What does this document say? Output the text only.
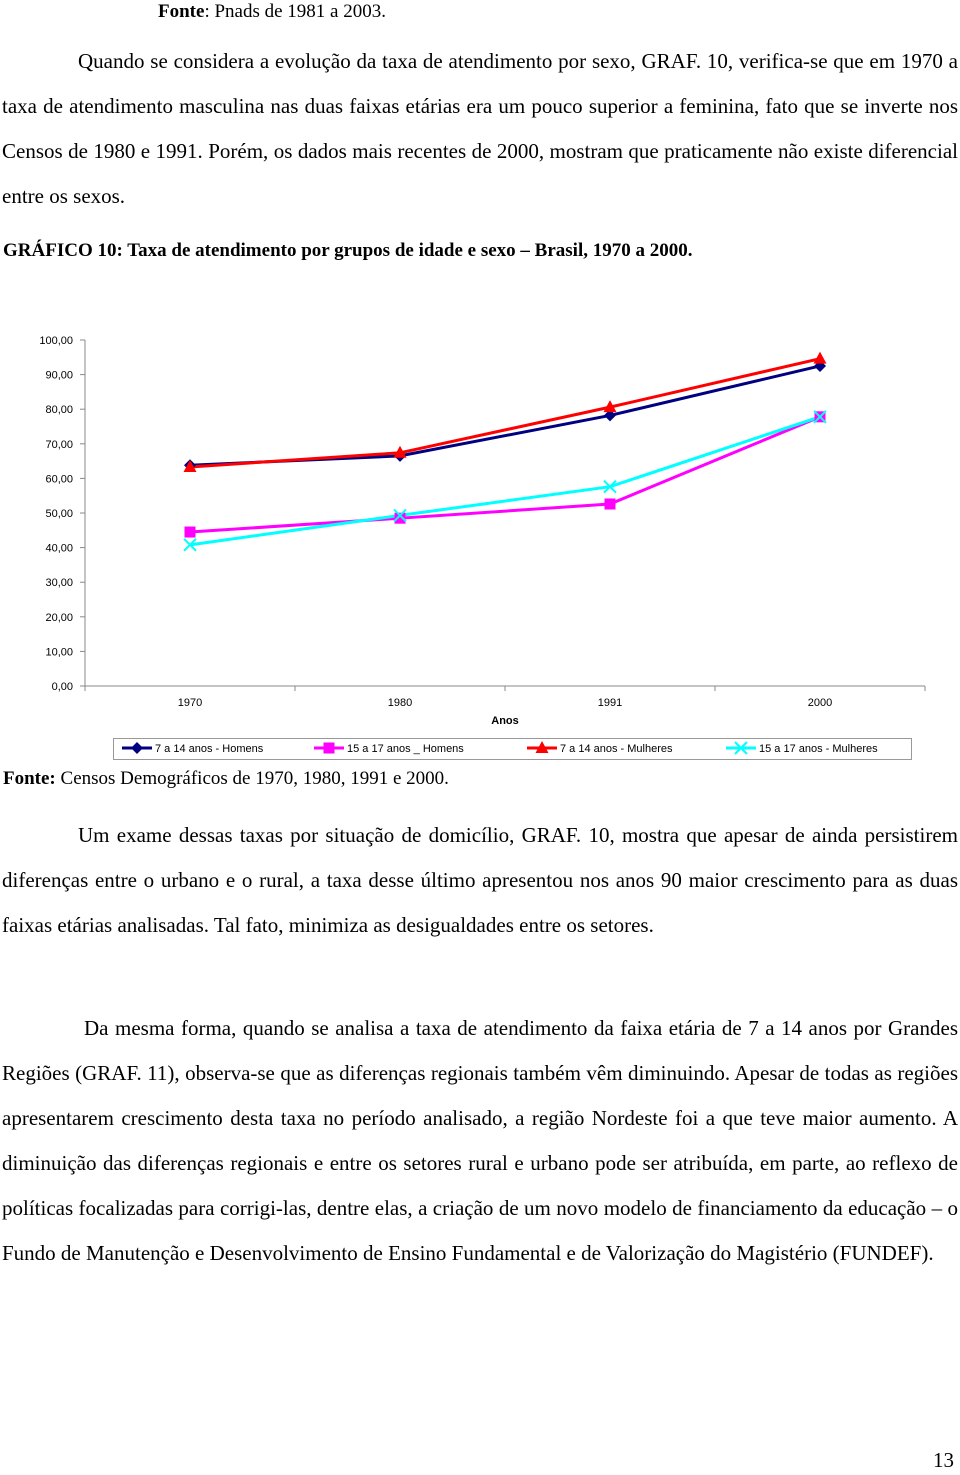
Fonte: Pnads de 1981 a 2003.
Quando se considera a evolução da taxa de atendimento por sexo, GRAF. 10, verifica-se que em 1970 a taxa de atendimento masculina nas duas faixas etárias era um pouco superior a feminina, fato que se inverte nos Censos de 1980 e 1991. Porém, os dados mais recentes de 2000, mostram que praticamente não existe diferencial entre os sexos.
GRÁFICO 10: Taxa de atendimento por grupos de idade e sexo – Brasil, 1970 a 2000.
0,00
10,00
20,00
30,00
40,00
50,00
60,00
70,00
80,00
90,00
100,00
1970	1980	1991	2000
Anos
7 a 14 anos - Homens	15 a 17 anos _ Homens	7 a 14 anos - Mulheres	15 a 17 anos - Mulheres
Fonte: Censos Demográficos de 1970, 1980, 1991 e 2000.
Um exame dessas taxas por situação de domicílio, GRAF. 10, mostra que apesar de ainda persistirem diferenças entre o urbano e o rural, a taxa desse último apresentou nos anos 90 maior crescimento para as duas faixas etárias analisadas. Tal fato, minimiza as desigualdades entre os setores.
Da mesma forma, quando se analisa a taxa de atendimento da faixa etária de 7 a 14 anos por Grandes Regiões (GRAF. 11), observa-se que as diferenças regionais também vêm diminuindo. Apesar de todas as regiões apresentarem crescimento desta taxa no período analisado, a região Nordeste foi a que teve maior aumento. A diminuição das diferenças regionais e entre os setores rural e urbano pode ser atribuída, em parte, ao reflexo de políticas focalizadas para corrigi-las, dentre elas, a criação de um novo modelo de financiamento da educação – o Fundo de Manutenção e Desenvolvimento de Ensino Fundamental e de Valorização do Magistério (FUNDEF).
13
